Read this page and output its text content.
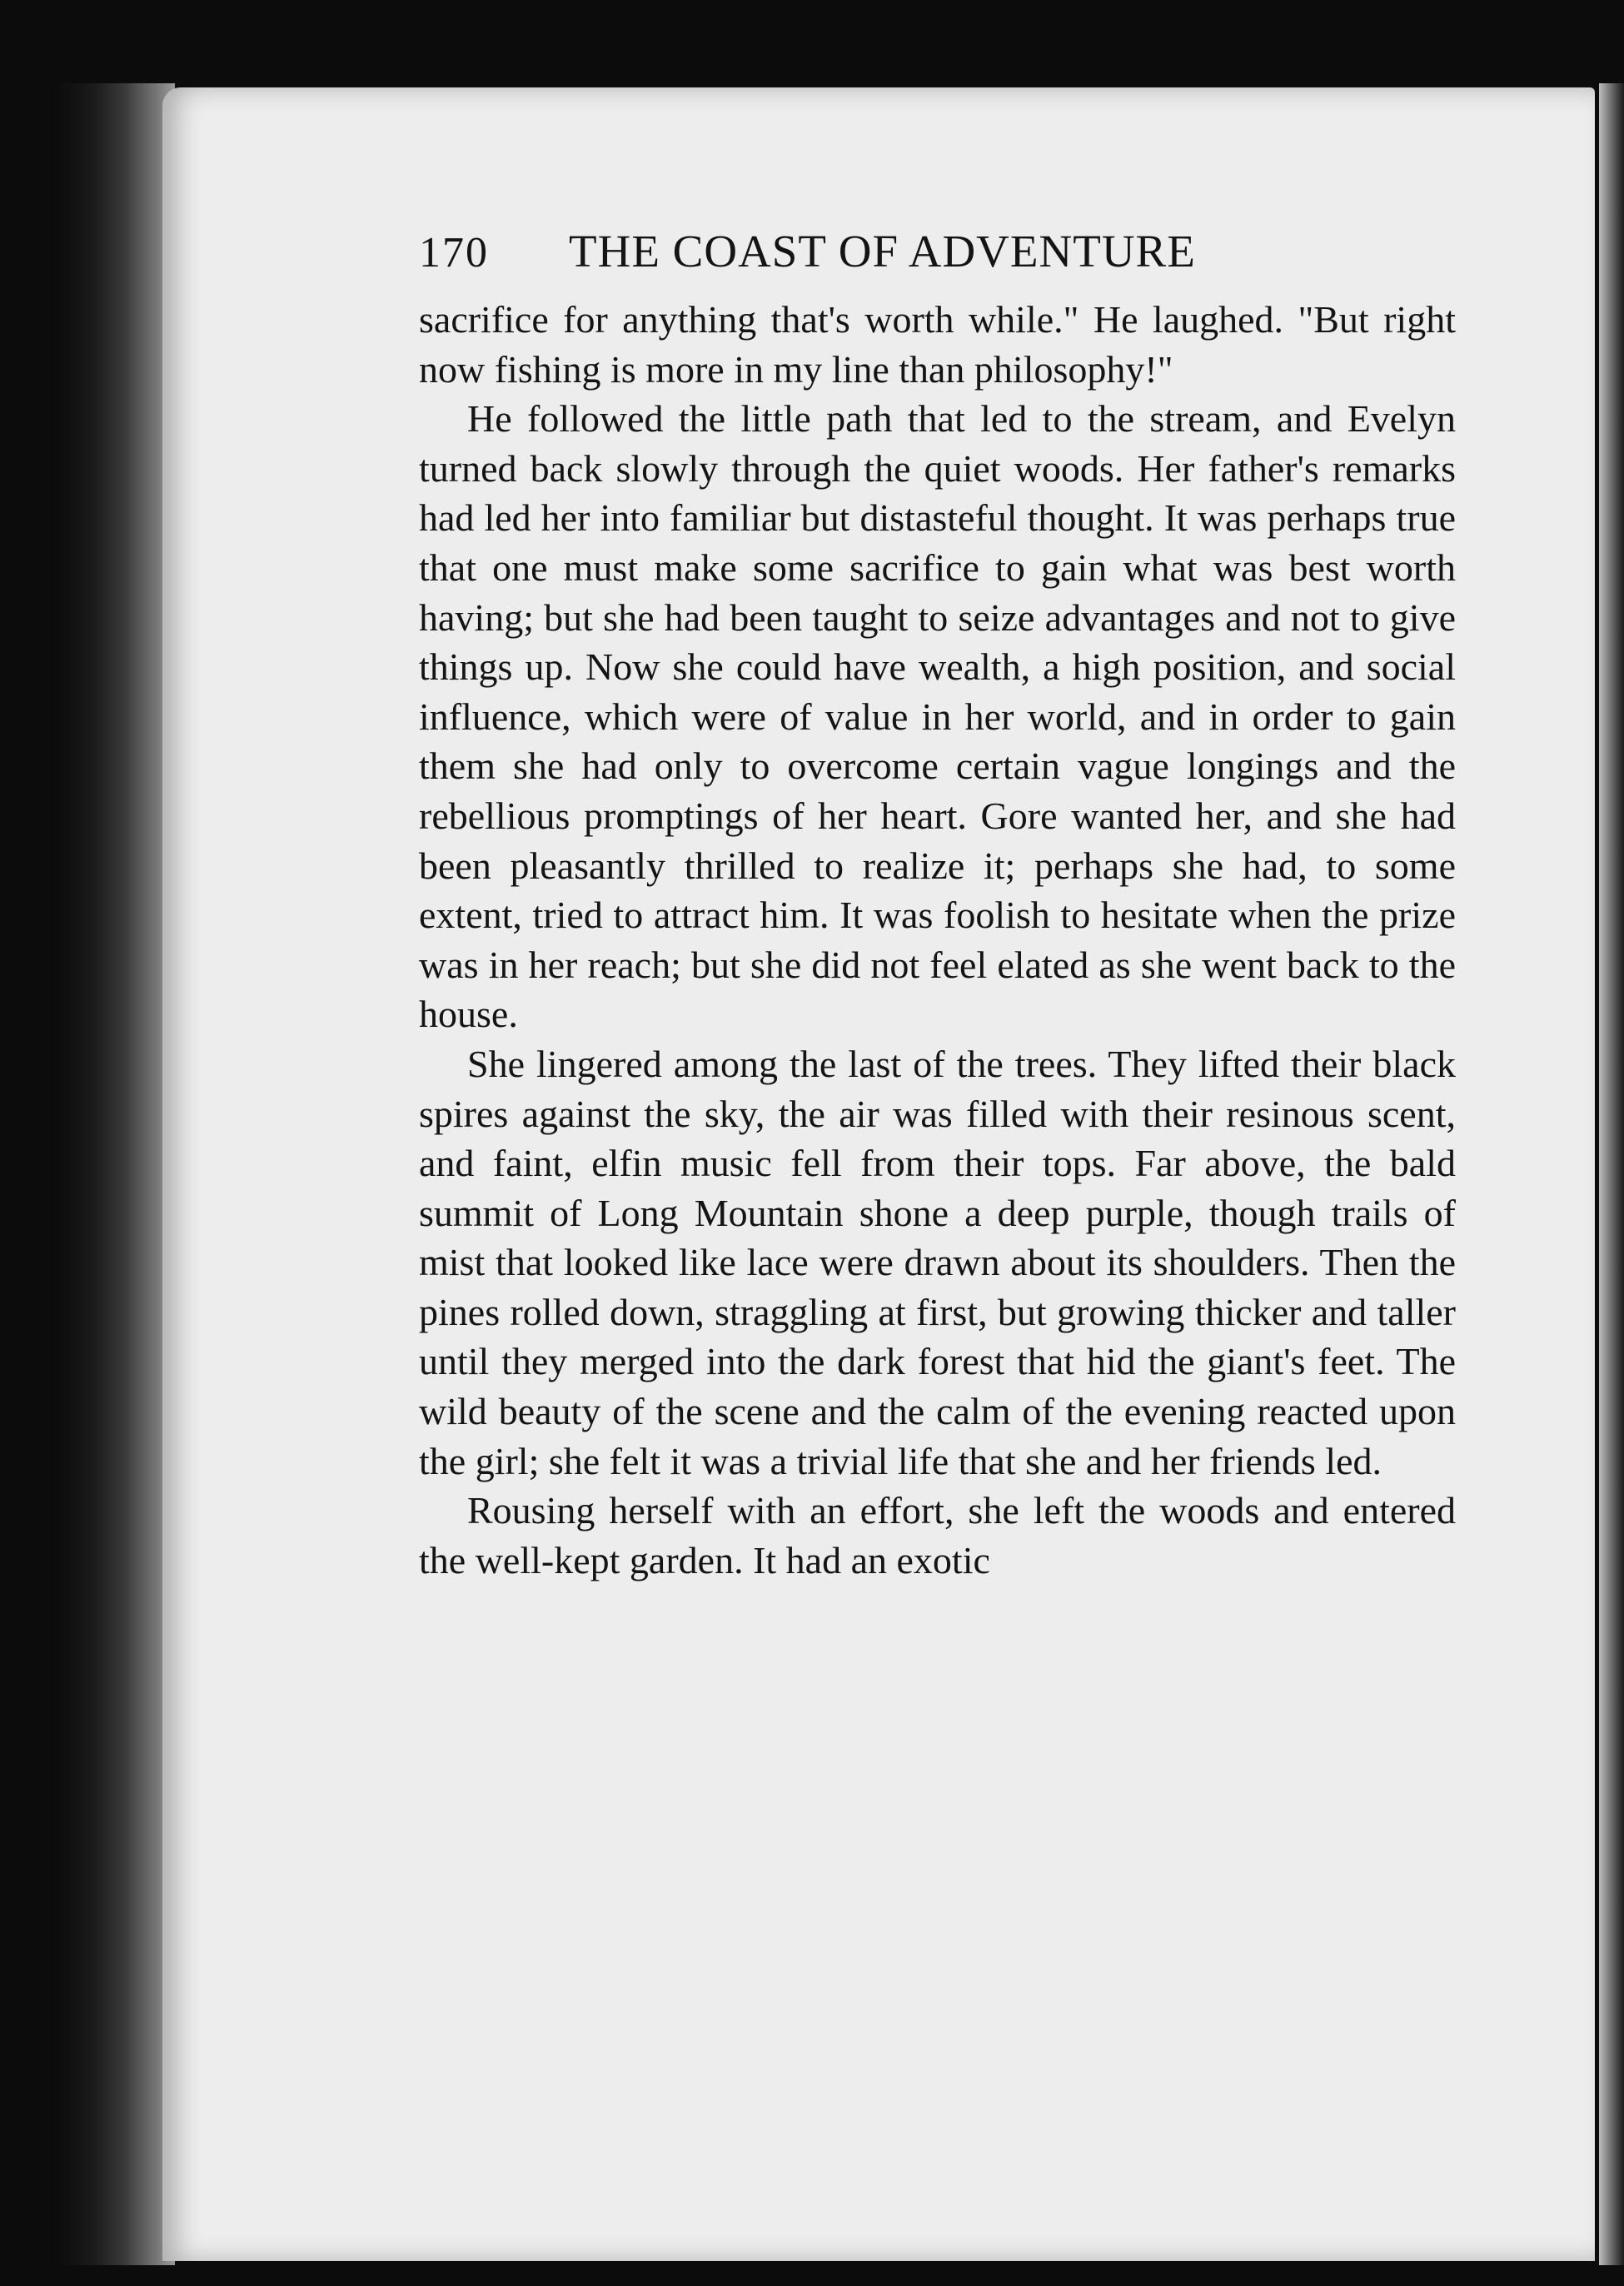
170	THE COAST OF ADVENTURE

sacrifice for anything that's worth while." He laughed. "But right now fishing is more in my line than philosophy!"

He followed the little path that led to the stream, and Evelyn turned back slowly through the quiet woods. Her father's remarks had led her into familiar but distasteful thought. It was perhaps true that one must make some sacrifice to gain what was best worth having; but she had been taught to seize advantages and not to give things up. Now she could have wealth, a high position, and social influence, which were of value in her world, and in order to gain them she had only to overcome certain vague longings and the rebellious promptings of her heart. Gore wanted her, and she had been pleasantly thrilled to realize it; perhaps she had, to some extent, tried to attract him. It was foolish to hesitate when the prize was in her reach; but she did not feel elated as she went back to the house.

She lingered among the last of the trees. They lifted their black spires against the sky, the air was filled with their resinous scent, and faint, elfin music fell from their tops. Far above, the bald summit of Long Mountain shone a deep purple, though trails of mist that looked like lace were drawn about its shoulders. Then the pines rolled down, straggling at first, but growing thicker and taller until they merged into the dark forest that hid the giant's feet. The wild beauty of the scene and the calm of the evening reacted upon the girl; she felt it was a trivial life that she and her friends led.

Rousing herself with an effort, she left the woods and entered the well-kept garden. It had an exotic
